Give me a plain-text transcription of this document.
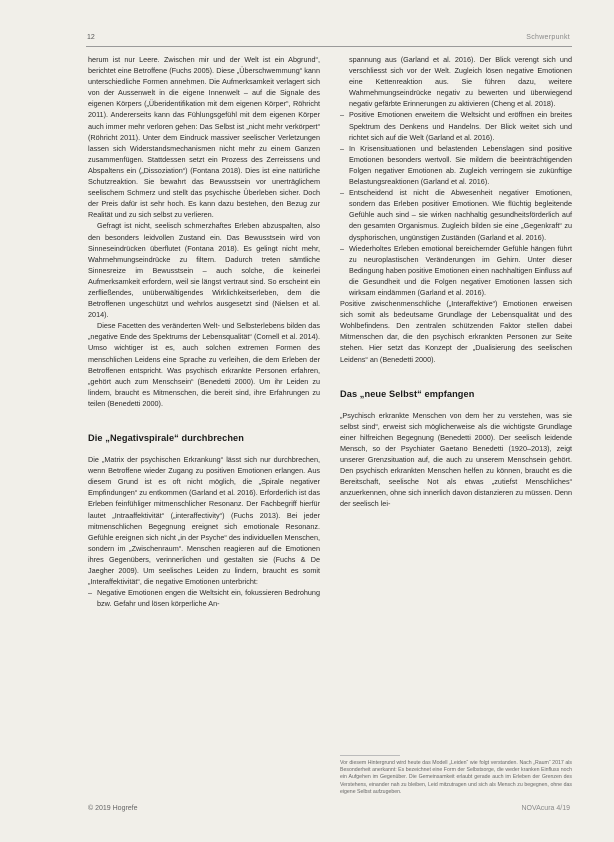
12	Schwerpunkt

herum ist nur Leere. Zwischen mir und der Welt ist ein Abgrund“, berichtet eine Betroffene (Fuchs 2005). Diese „Überschwemmung“ kann unterschiedliche Formen annehmen. Die Aufmerksamkeit verlagert sich von der Aussenwelt in die eigene Innenwelt – auf die Signale des eigenen Körpers („Überidentifikation mit dem eigenen Körper“, Röhricht 2011). Andererseits kann das Fühlungsgefühl mit dem eigenen Körper auch immer mehr verloren gehen: Das Selbst ist „nicht mehr verkörpert“ (Röhricht 2011). Unter dem Eindruck massiver seelischer Verletzungen lassen sich Widerstandsmechanismen nicht mehr zu einem Ganzen zusammenfügen. Stattdessen setzt ein Prozess des Zerreissens und Abspaltens ein („Dissoziation“) (Fontana 2018). Dies ist eine natürliche Schutzreaktion. Sie bewahrt das Bewusstsein vor unerträglichem seelischem Schmerz und stellt das psychische Überleben sicher. Doch der Preis dafür ist sehr hoch. Es kann dazu bestehen, den Bezug zur Realität und zu sich selbst zu verlieren.

Gefragt ist nicht, seelisch schmerzhaftes Erleben abzuspalten, also den besonders leidvollen Zustand ein. Das Bewusstsein wird von Sinneseindrücken überflutet (Fontana 2018). Es gelingt nicht mehr, Wahrnehmungseindrücke zu filtern. Dadurch treten sämtliche Sinnesreize im Bewusstsein – auch solche, die keinerlei Aufmerksamkeit erfordern, weil sie längst vertraut sind. So erscheint ein zerfließendes, unüberwältigendes Wirklichkeitserleben, dem die Betroffenen ungeschützt und wehrlos ausgesetzt sind (Nielsen et al. 2014).

Diese Facetten des veränderten Welt- und Selbsterlebens bilden das „negative Ende des Spektrums der Lebensqualität“ (Cornell et al. 2014). Umso wichtiger ist es, auch solchen extremen Formen des menschlichen Leidens eine Sprache zu verleihen, die dem Erleben der Betroffenen entspricht. Was psychisch erkrankte Personen erfahren, „gehört auch zum Menschsein“ (Benedetti 2000). Um ihr Leiden zu lindern, braucht es Mitmenschen, die bereit sind, ihre Erfahrungen zu teilen (Benedetti 2000).

Die „Negativspirale“ durchbrechen

Die „Matrix der psychischen Erkrankung“ lässt sich nur durchbrechen, wenn Betroffene wieder Zugang zu positiven Emotionen erlangen. Aus diesem Grund ist es oft nicht möglich, die „Spirale negativer Empfindungen“ zu entkommen (Garland et al. 2016). Erforderlich ist das Erleben feinfühliger mitmenschlicher Resonanz. Der Fachbegriff hierfür lautet „Intraaffektivität“ („interaffectivity“) (Fuchs 2013). Bei jeder mitmenschlichen Begegnung ereignet sich emotionale Resonanz. Gefühle ereignen sich nicht „in der Psyche“ des individuellen Menschen, sondern im „Zwischenraum“. Menschen reagieren auf die Emotionen ihres Gegenübers, verinnerlichen und gestalten sie (Fuchs & De Jaegher 2009). Um seelisches Leiden zu lindern, braucht es somit „Interaffektivität“, die negative Emotionen unterbricht:

– Negative Emotionen engen die Weltsicht ein, fokussieren Bedrohung bzw. Gefahr und lösen körperliche An-
spannung aus (Garland et al. 2016). Der Blick verengt sich und verschliesst sich vor der Welt. Zugleich lösen negative Emotionen eine Kettenreaktion aus. Sie führen dazu, weitere Wahrnehmungseindrücke negativ zu bewerten und überwiegend negativ gefärbte Erinnerungen zu aktivieren (Cheng et al. 2018).
– Positive Emotionen erweitern die Weltsicht und eröffnen ein breites Spektrum des Denkens und Handelns. Der Blick weitet sich und richtet sich auf die Welt (Garland et al. 2016).
– In Krisensituationen und belastenden Lebenslagen sind positive Emotionen besonders wertvoll. Sie mildern die beeinträchtigenden Folgen negativer Emotionen ab. Zugleich verringern sie zukünftige Belastungsreaktionen (Garland et al. 2016).
– Entscheidend ist nicht die Abwesenheit negativer Emotionen, sondern das Erleben positiver Emotionen. Wie flüchtig begleitende Gefühle auch sind – sie wirken nachhaltig gesundheitsförderlich auf den gesamten Organismus. Zugleich bilden sie eine „Gegenkraft“ zu dysphorischen, ungünstigen Zuständen (Garland et al. 2016).
– Wiederholtes Erleben emotional bereichernder Gefühle hängen führt zu neuroplastischen Veränderungen im Gehirn. Unter dieser Bedingung haben positive Emotionen einen nachhaltigen Einfluss auf die Gesundheit und die Folgen negativer Emotionen lassen sich wirksam eindämmen (Garland et al. 2016).

Positive zwischenmenschliche („Interaffektive“) Emotionen erweisen sich somit als bedeutsame Grundlage der Lebensqualität und des Wohlbefindens. Den zentralen schützenden Faktor stellen dabei Mitmenschen dar, die den psychisch erkrankten Personen zur Seite stehen. Hier setzt das Konzept der „Dualisierung des seelischen Leidens“ an (Benedetti 2000).

Das „neue Selbst“ empfangen

„Psychisch erkrankte Menschen von dem her zu verstehen, was sie selbst sind“, erweist sich möglicherweise als die wichtigste Grundlage einer hilfreichen Begegnung (Benedetti 2000). Der seelisch leidende Mensch, so der Psychiater Gaetano Benedetti (1920–2013), zeigt unserer Grenzsituation auf, die auch zu unserem Menschsein gehört. Den psychisch erkrankten Menschen helfen zu können, braucht es die Bereitschaft, seelische Not als etwas „zutiefst Menschliches“ anzuerkennen, ohne sich innerlich davon distanzieren zu müssen. Denn der seelisch lei-

Vor diesem Hintergrund wird heute das Modell „Leiden“ wie folgt verstanden. Nach „Raum“ 2017 als Besonderheit anerkannt: Es bezeichnet eine Form der Selbstsorge, die weder kranken Einfluss noch ein Aufgehen im Gegenüber. Die Gemeinsamkeit erlaubt gerade auch im Erleben der Grenzen des Verstehens, einander nah zu bleiben, Leid mitzutragen und sich als Mensch zu begegnen, ohne das eigene Selbst aufzugeben.
© 2019 Hogrefe	NOVAcura 4/19
